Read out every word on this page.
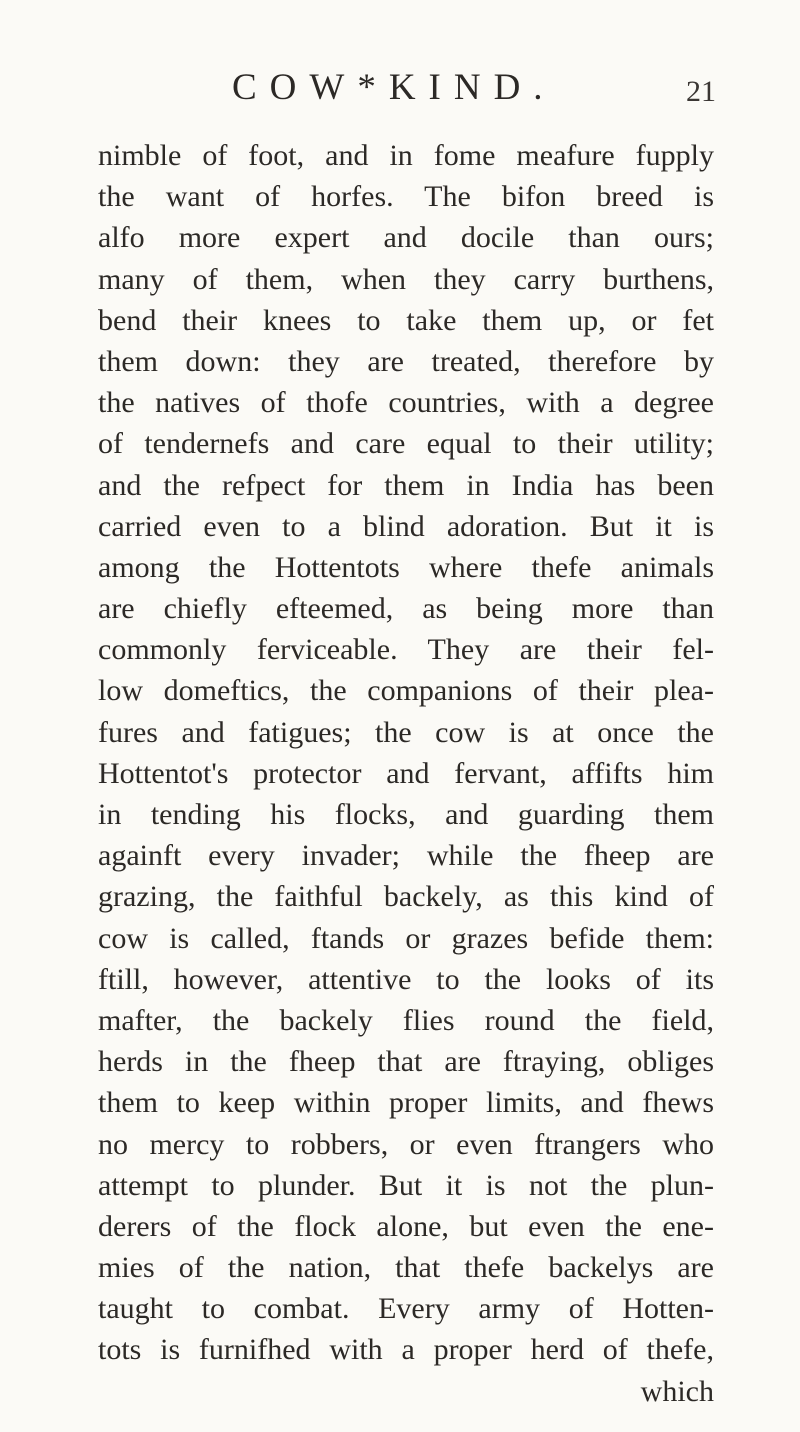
COW*KIND.	21
nimble of foot, and in fome meafure fupply
the want of horfes. The bifon breed is
alfo more expert and docile than ours;
many of them, when they carry burthens,
bend their knees to take them up, or fet
them down: they are treated, therefore by
the natives of thofe countries, with a degree
of tendernefs and care equal to their utility;
and the refpect for them in India has been
carried even to a blind adoration. But it is
among the Hottentots where thefe animals
are chiefly efteemed, as being more than
commonly ferviceable. They are their fel-
low domeftics, the companions of their plea-
fures and fatigues; the cow is at once the
Hottentot's protector and fervant, affifts him
in tending his flocks, and guarding them
againft every invader; while the fheep are
grazing, the faithful backely, as this kind of
cow is called, ftands or grazes befide them:
ftill, however, attentive to the looks of its
mafter, the backely flies round the field,
herds in the fheep that are ftraying, obliges
them to keep within proper limits, and fhews
no mercy to robbers, or even ftrangers who
attempt to plunder. But it is not the plun-
derers of the flock alone, but even the ene-
mies of the nation, that thefe backelys are
taught to combat. Every army of Hotten-
tots is furnifhed with a proper herd of thefe,
which
